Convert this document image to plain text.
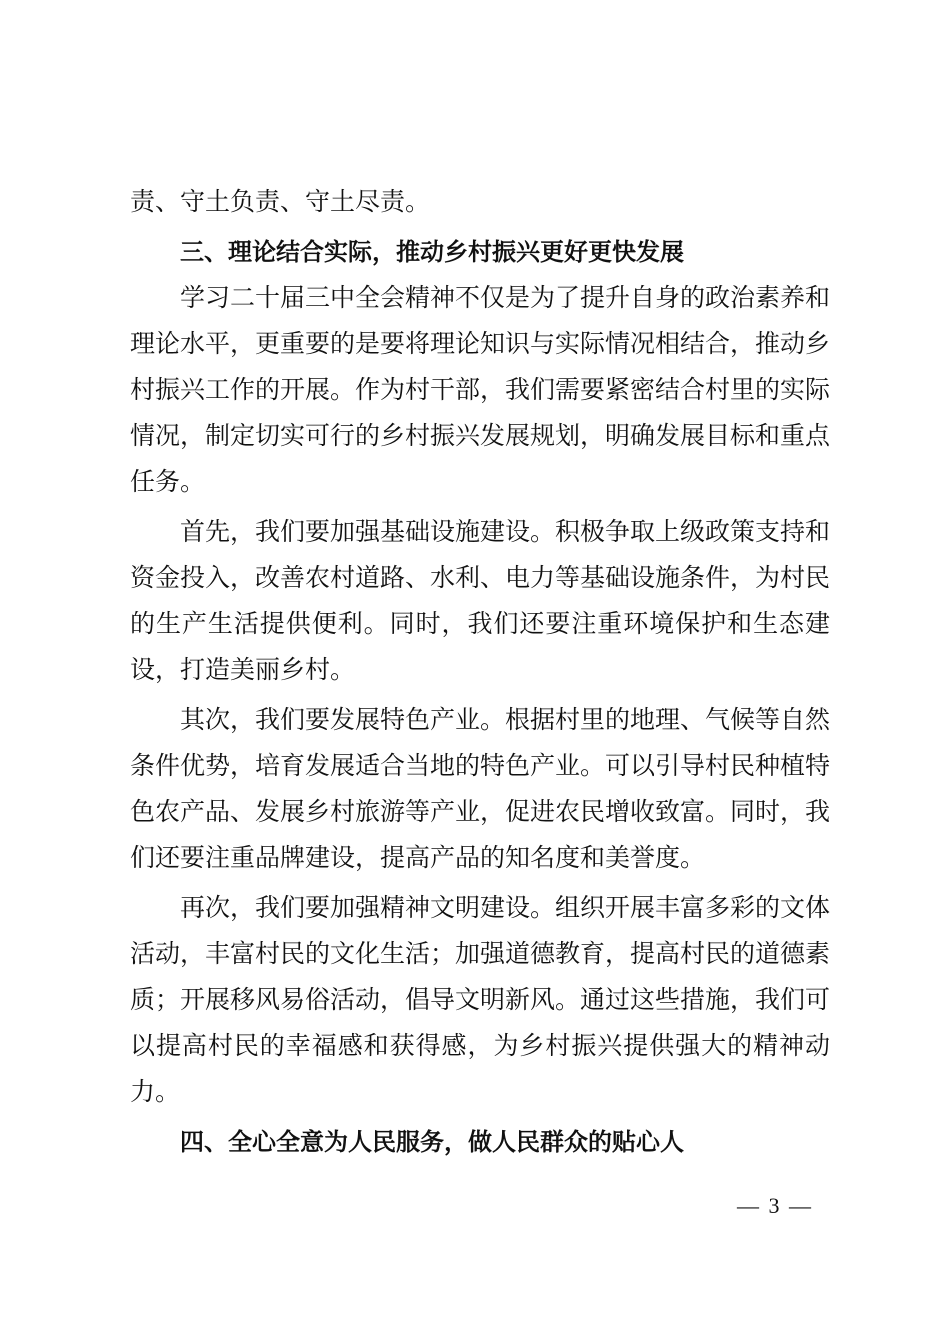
责、守土负责、守土尽责。

三、理论结合实际，推动乡村振兴更好更快发展

学习二十届三中全会精神不仅是为了提升自身的政治素养和理论水平，更重要的是要将理论知识与实际情况相结合，推动乡村振兴工作的开展。作为村干部，我们需要紧密结合村里的实际情况，制定切实可行的乡村振兴发展规划，明确发展目标和重点任务。

首先，我们要加强基础设施建设。积极争取上级政策支持和资金投入，改善农村道路、水利、电力等基础设施条件，为村民的生产生活提供便利。同时，我们还要注重环境保护和生态建设，打造美丽乡村。

其次，我们要发展特色产业。根据村里的地理、气候等自然条件优势，培育发展适合当地的特色产业。可以引导村民种植特色农产品、发展乡村旅游等产业，促进农民增收致富。同时，我们还要注重品牌建设，提高产品的知名度和美誉度。

再次，我们要加强精神文明建设。组织开展丰富多彩的文体活动，丰富村民的文化生活；加强道德教育，提高村民的道德素质；开展移风易俗活动，倡导文明新风。通过这些措施，我们可以提高村民的幸福感和获得感，为乡村振兴提供强大的精神动力。

四、全心全意为人民服务，做人民群众的贴心人

— 3 —
